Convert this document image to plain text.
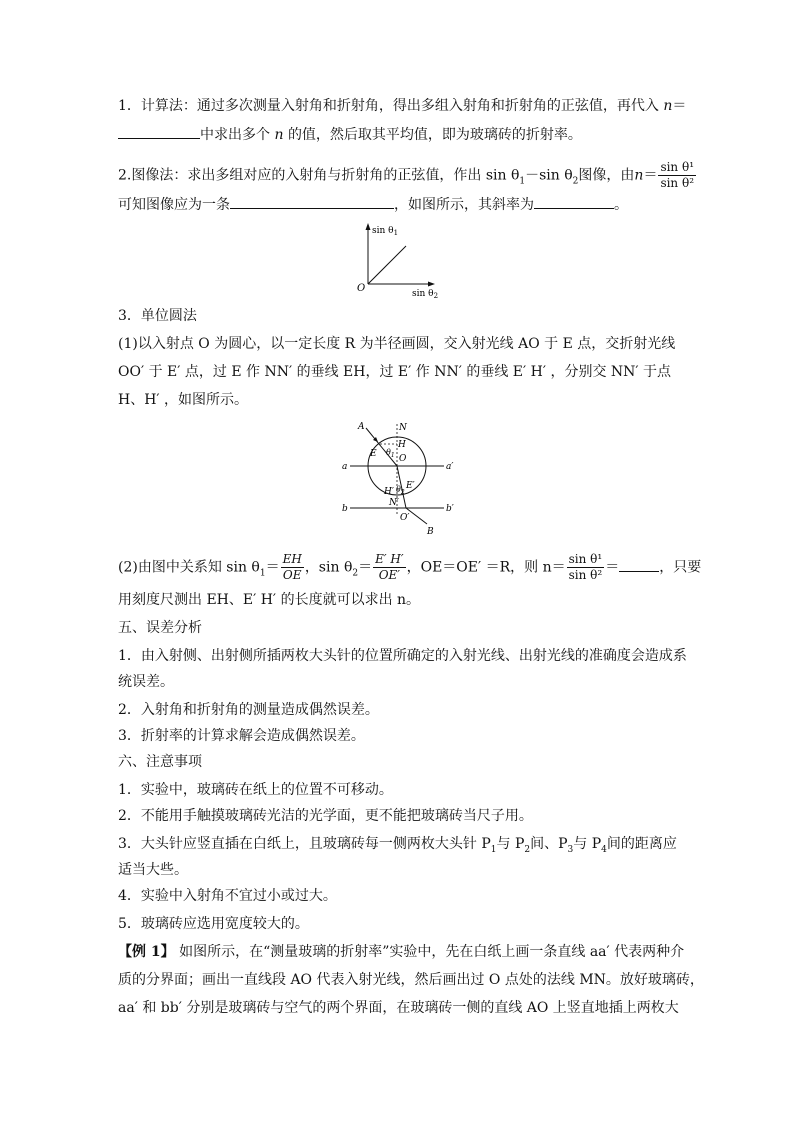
1．计算法：通过多次测量入射角和折射角，得出多组入射角和折射角的正弦值，再代入 n＝
中求出多个 n 的值，然后取其平均值，即为玻璃砖的折射率。
2.图像法：求出多组对应的入射角与折射角的正弦值，作出 $\sin \theta_1-\sin$ $\theta_2$图像，由$n= \frac{\text{sin θ¹}}{\text{sin θ²}}$
可知图像应为一条	，如图所示，其斜率为	。
$\sin \theta_1$
$\sin \theta_2$
O
3．单位圆法
(1)以入射点 O 为圆心，以一定长度 R 为半径画圆，交入射光线 AO 于 E 点，交折射光线
OO′ 于 E′ 点，过 E 作 NN′ 的垂线 EH，过 E′ 作 NN′ 的垂线 E′ H′ ，分别交 NN′ 于点
H、H′ ，如图所示。
A	N
H
E $\theta_1$ O
a	a′
H′ $\theta_2$
E′
b
N′
b′
O′
B
(2)由图中关系知 $\sin \theta_1= \frac{EH}{OE}$ ，$\sin \theta_2= \frac{E' H'}{OE'}$ ，OE＝OE′ ＝R，则 $n= \frac{\text{sin θ¹}}{\text{sin θ²}}$ ＝	，只要
用刻度尺测出 EH、E′ H′ 的长度就可以求出 n。
五、误差分析
1．由入射侧、出射侧所插两枚大头针的位置所确定的入射光线、出射光线的准确度会造成系
统误差。
2．入射角和折射角的测量造成偶然误差。
3．折射率的计算求解会造成偶然误差。
六、注意事项
1．实验中，玻璃砖在纸上的位置不可移动。
2．不能用手触摸玻璃砖光洁的光学面，更不能把玻璃砖当尺子用。
3．大头针应竖直插在白纸上，且玻璃砖每一侧两枚大头针 $P_1$与 $P_2$间、$P_3$与 $P_4$间的距离应
适当大些。
4．实验中入射角不宜过小或过大。
5．玻璃砖应选用宽度较大的。
【例 1】 如图所示，在“测量玻璃的折射率”实验中，先在白纸上画一条直线 aa′ 代表两种介
质的分界面；画出一直线段 AO 代表入射光线，然后画出过 O 点处的法线 MN。放好玻璃砖，
aa′ 和 bb′ 分别是玻璃砖与空气的两个界面，在玻璃砖一侧的直线 AO 上竖直地插上两枚大
